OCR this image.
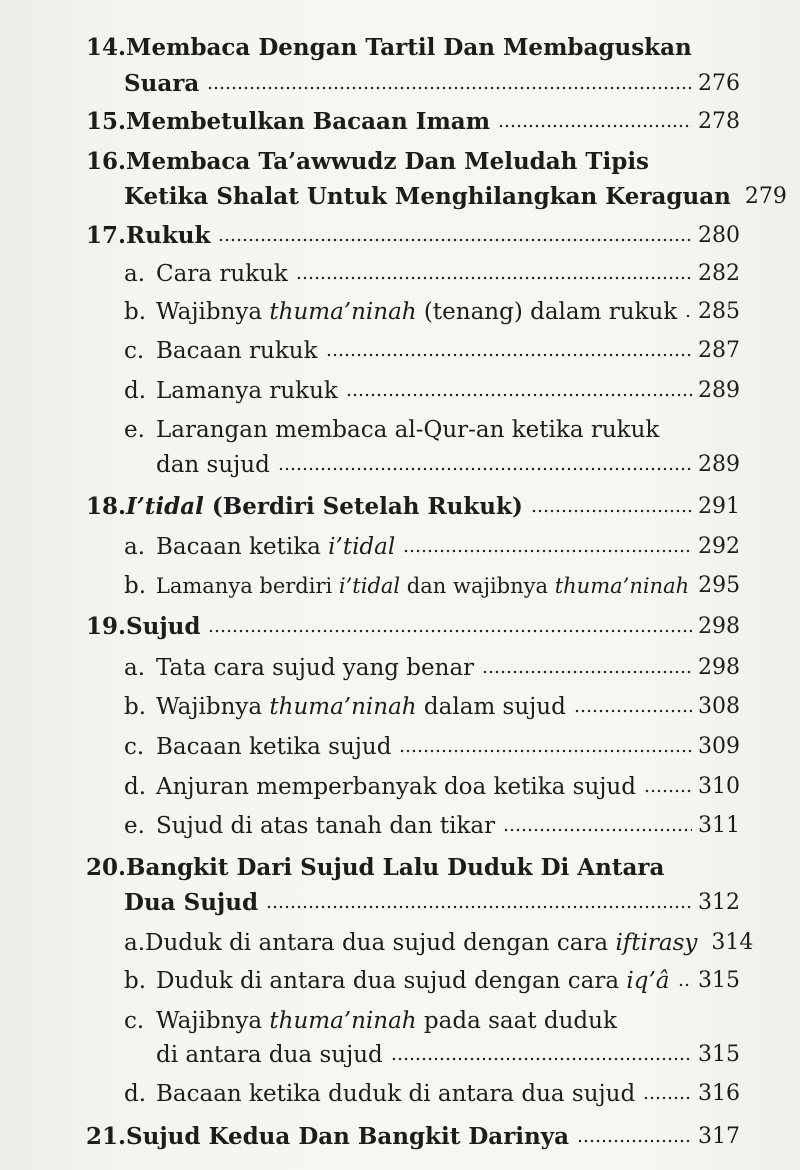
14. Membaca Dengan Tartil Dan Membaguskan
Suara	276
15. Membetulkan Bacaan Imam	278
16. Membaca Ta’awwudz Dan Meludah Tipis
Ketika Shalat Untuk Menghilangkan Keraguan 279
17. Rukuk	280
a. Cara rukuk	282
b. Wajibnya thuma’ninah (tenang) dalam rukuk 285
c. Bacaan rukuk	287
d. Lamanya rukuk	289
e. Larangan membaca al-Qur-an ketika rukuk
dan sujud	289
18. I’tidal (Berdiri Setelah Rukuk)	291
a. Bacaan ketika i’tidal	292
b. Lamanya berdiri i’tidal dan wajibnya thuma’ninah 295
19. Sujud	298
a. Tata cara sujud yang benar	298
b. Wajibnya thuma’ninah dalam sujud	308
c. Bacaan ketika sujud	309
d. Anjuran memperbanyak doa ketika sujud	310
e. Sujud di atas tanah dan tikar	311
20. Bangkit Dari Sujud Lalu Duduk Di Antara
Dua Sujud	312
a. Duduk di antara dua sujud dengan cara iftirasy 314
b. Duduk di antara dua sujud dengan cara iq’â 315
c. Wajibnya thuma’ninah pada saat duduk
di antara dua sujud	315
d. Bacaan ketika duduk di antara dua sujud	316
21. Sujud Kedua Dan Bangkit Darinya	317
